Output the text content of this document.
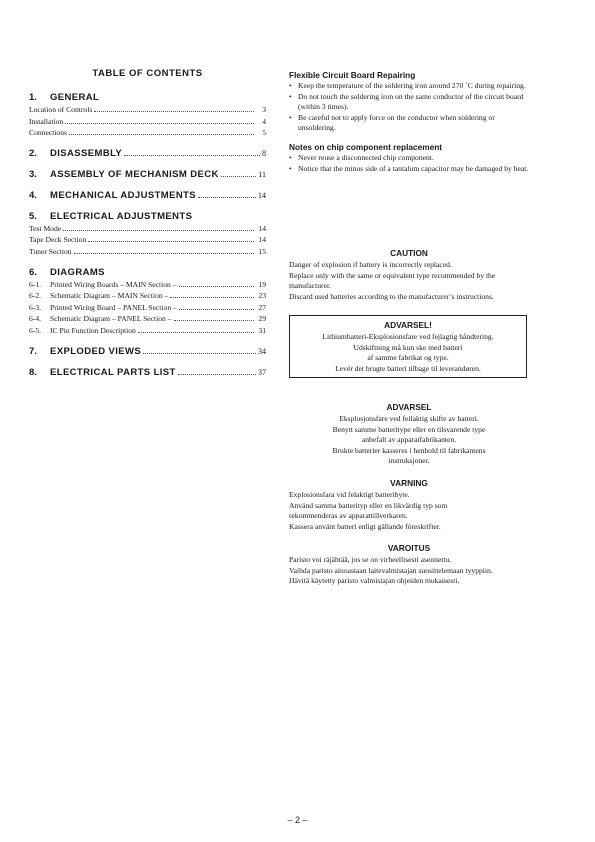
TABLE OF CONTENTS
1.	GENERAL
Location of Controls	3
Installation	4
Connections	5
2.	DISASSEMBLY	8
3.	ASSEMBLY OF MECHANISM DECK	11
4.	MECHANICAL ADJUSTMENTS	14
5.	ELECTRICAL ADJUSTMENTS
Test Mode	14
Tape Deck Section	14
Tuner Section	15
6.	DIAGRAMS
6-1.	Printed Wiring Boards – MAIN Section –	19
6-2.	Schematic Diagram – MAIN Section –	23
6-3.	Printed Wiring Board – PANEL Section –	27
6-4.	Schematic Diagram – PANEL Section –	29
6-5.	IC Pin Function Description	31
7.	EXPLODED VIEWS	34
8.	ELECTRICAL PARTS LIST	37
Flexible Circuit Board Repairing
• Keep the temperature of the soldering iron around 270 ˚C during repairing.
• Do not touch the soldering iron on the same conductor of the circuit board (within 3 times).
• Be careful not to apply force on the conductor when soldering or unsoldering.
Notes on chip component replacement
• Never reuse a disconnected chip component.
• Notice that the minus side of a tantalum capacitor may be damaged by heat.
CAUTION

Danger of explosion if battery is incorrectly replaced.

Replace only with the same or equivalent type recommended by the manufacturer.

Discard used batteries according to the manufacturer’s instructions.

ADVARSEL!

Lithiumbatteri-Eksplosionsfare ved fejlagtig håndtering.

Udskiftning må kun ske med batteri

af samme fabrikat og type.

Levér det brugte batteri tilbage til leverandøren.

ADVARSEL

Eksplosjonsfare ved feilaktig skifte av batteri.

Benytt samme batteritype eller en tilsvarende type

anbefalt av apparatfabrikanten.

Brukte batterier kasseres i henhold til fabrikantens

instruksjoner.

VARNING

Explosionsfara vid felaktigt batteribyte.

Använd samma batterityp eller en likvärdig typ som

rekommenderas av apparattillverkaren.

Kassera använt batteri enligt gällande föreskrifter.

VAROITUS

Paristo voi räjähtää, jos se on virheellisesti asennettu.

Vaihda paristo ainoastaan laitevalmistajan suosittelemaan tyyppiin.

Hävitä käytetty paristo valmistajan ohjeiden mukaisesti.

– 2 –
